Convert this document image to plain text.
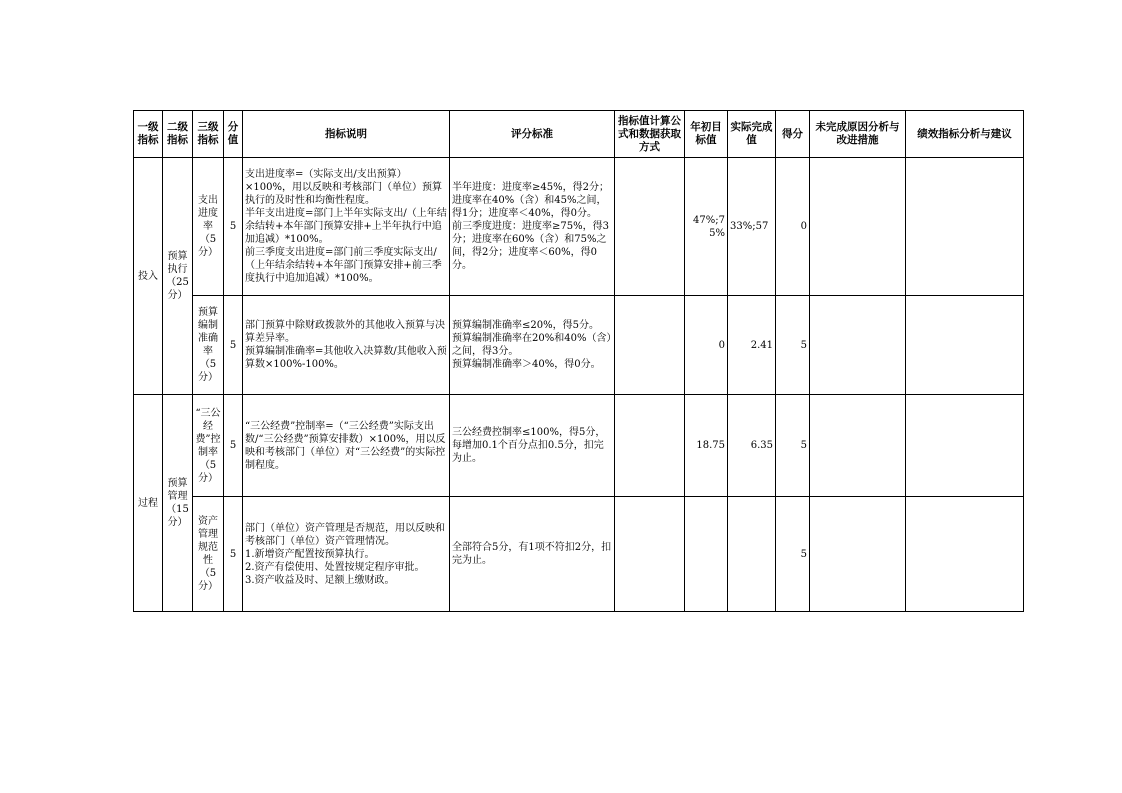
一级指标	二级指标	三级指标	分值	指标说明	评分标准	指标值计算公式和数据获取方式	年初目标值	实际完成值	得分	未完成原因分析与改进措施	绩效指标分析与建议
投入	预算执行（25分）	支出进度率（5分）	5	支出进度率=（实际支出/支出预算）×100%，用以反映和考核部门（单位）预算执行的及时性和均衡性程度。
半年支出进度=部门上半年实际支出/（上年结余结转+本年部门预算安排+上半年执行中追加追减）*100%。
前三季度支出进度=部门前三季度实际支出/（上年结余结转+本年部门预算安排+前三季度执行中追加追减）*100%。	半年进度：进度率≥45%，得2分；进度率在40%（含）和45%之间，得1分；进度率＜40%，得0分。
前三季度进度：进度率≥75%，得3分；进度率在60%（含）和75%之间，得2分；进度率＜60%，得0分。		47%;75%	33%;57	0		
		预算编制准确率（5分）	5	部门预算中除财政拨款外的其他收入预算与决算差异率。
预算编制准确率=其他收入决算数/其他收入预算数×100%-100%。	预算编制准确率≤20%，得5分。
预算编制准确率在20%和40%（含）之间，得3分。
预算编制准确率＞40%，得0分。		0	2.41	5		
过程	预算管理（15分）	“三公经费”控制率（5分）	5	“三公经费”控制率=（“三公经费”实际支出数/“三公经费”预算安排数）×100%，用以反映和考核部门（单位）对“三公经费”的实际控制程度。	三公经费控制率≤100%，得5分，每增加0.1个百分点扣0.5分，扣完为止。		18.75	6.35	5		
		资产管理规范性（5分）	5	部门（单位）资产管理是否规范，用以反映和考核部门（单位）资产管理情况。
1.新增资产配置按预算执行。
2.资产有偿使用、处置按规定程序审批。
3.资产收益及时、足额上缴财政。	全部符合5分，有1项不符扣2分，扣完为止。				5		
